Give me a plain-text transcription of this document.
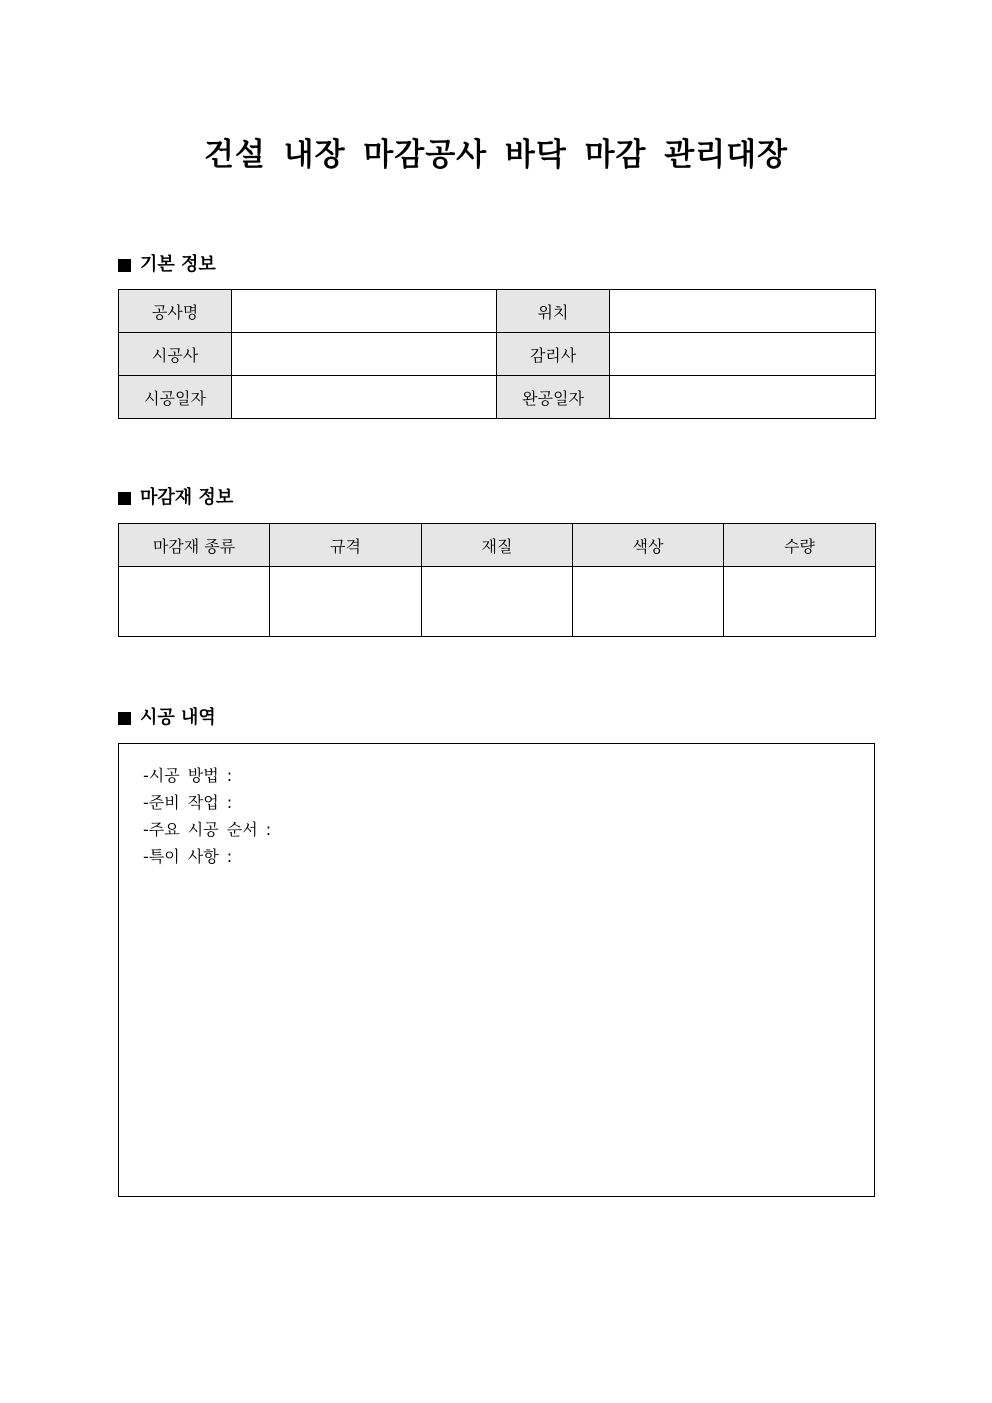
건설 내장 마감공사 바닥 마감 관리대장
기본 정보
공사명		위치	
시공사		감리사	
시공일자		완공일자	
마감재 정보
마감재 종류	규격	재질	색상	수량

시공 내역
-시공 방법 :
-준비 작업 :
-주요 시공 순서 :
-특이 사항 :
